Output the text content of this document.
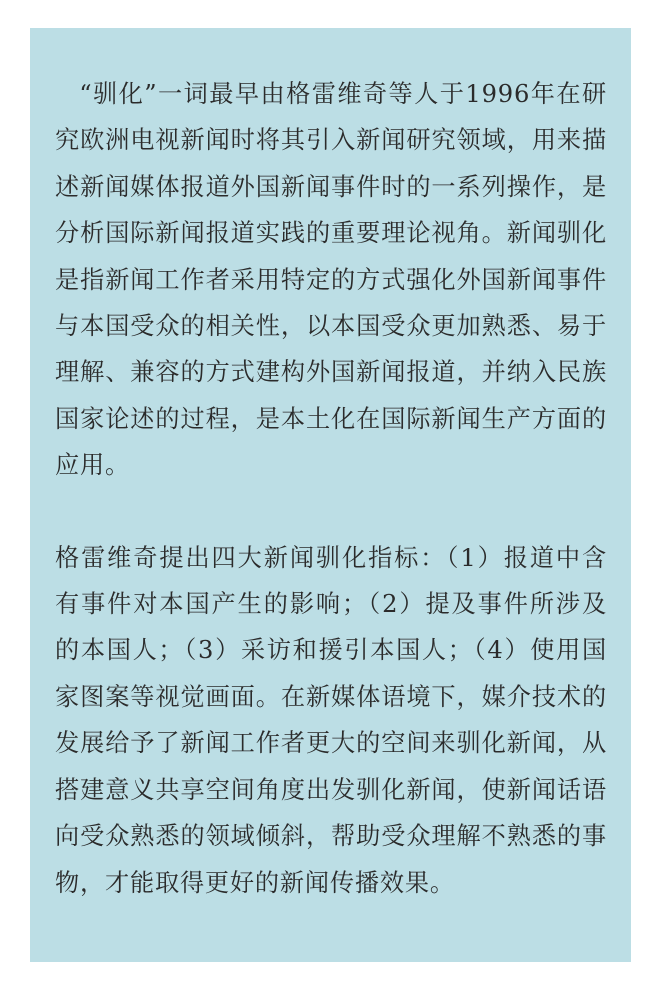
“驯化”一词最早由格雷维奇等人于1996年在研究欧洲电视新闻时将其引入新闻研究领域，用来描述新闻媒体报道外国新闻事件时的一系列操作，是分析国际新闻报道实践的重要理论视角。新闻驯化是指新闻工作者采用特定的方式强化外国新闻事件与本国受众的相关性，以本国受众更加熟悉、易于理解、兼容的方式建构外国新闻报道，并纳入民族国家论述的过程，是本土化在国际新闻生产方面的应用。

格雷维奇提出四大新闻驯化指标：（1）报道中含有事件对本国产生的影响；（2）提及事件所涉及的本国人；（3）采访和援引本国人；（4）使用国家图案等视觉画面。在新媒体语境下，媒介技术的发展给予了新闻工作者更大的空间来驯化新闻，从搭建意义共享空间角度出发驯化新闻，使新闻话语向受众熟悉的领域倾斜，帮助受众理解不熟悉的事物，才能取得更好的新闻传播效果。
